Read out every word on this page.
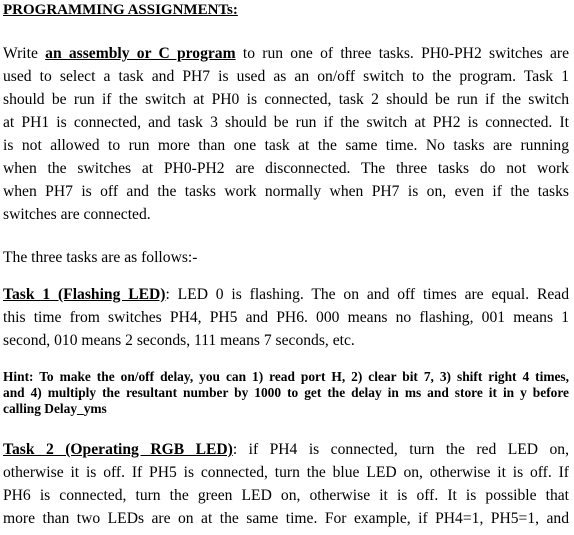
PROGRAMMING ASSIGNMENTs:
Write an assembly or C program to run one of three tasks. PH0-PH2 switches are
used to select a task and PH7 is used as an on/off switch to the program. Task 1
should be run if the switch at PH0 is connected, task 2 should be run if the switch
at PH1 is connected, and task 3 should be run if the switch at PH2 is connected. It
is not allowed to run more than one task at the same time. No tasks are running
when the switches at PH0-PH2 are disconnected. The three tasks do not work
when PH7 is off and the tasks work normally when PH7 is on, even if the tasks
switches are connected.
The three tasks are as follows:-
Task 1 (Flashing LED): LED 0 is flashing. The on and off times are equal. Read
this time from switches PH4, PH5 and PH6. 000 means no flashing, 001 means 1
second, 010 means 2 seconds, 111 means 7 seconds, etc.
Hint: To make the on/off delay, you can 1) read port H, 2) clear bit 7, 3) shift right 4 times,
and 4) multiply the resultant number by 1000 to get the delay in ms and store it in y before
calling Delay_yms
Task 2 (Operating RGB LED): if PH4 is connected, turn the red LED on,
otherwise it is off. If PH5 is connected, turn the blue LED on, otherwise it is off. If
PH6 is connected, turn the green LED on, otherwise it is off. It is possible that
more than two LEDs are on at the same time. For example, if PH4=1, PH5=1, and
